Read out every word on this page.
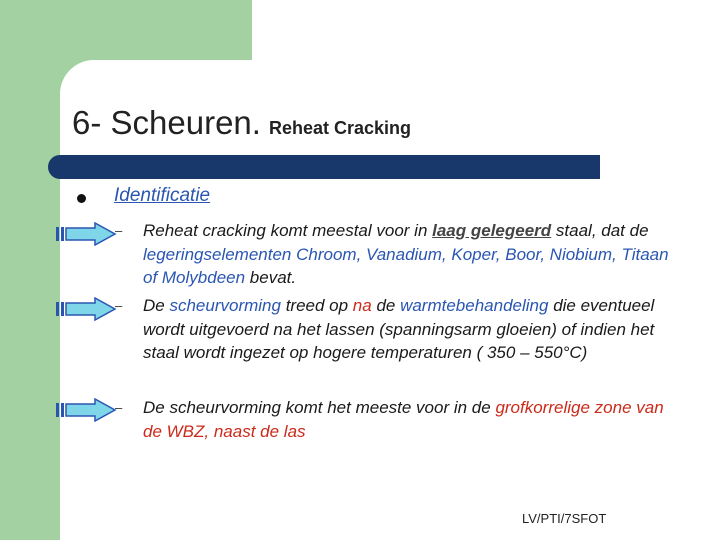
6- Scheuren. Reheat Cracking
Identificatie
– Reheat cracking komt meestal voor in laag gelegeerd staal, dat de legeringselementen Chroom, Vanadium, Koper, Boor, Niobium, Titaan of Molybdeen bevat.
– De scheurvorming treed op na de warmtebehandeling die eventueel wordt uitgevoerd na het lassen (spanningsarm gloeien) of indien het staal wordt ingezet op hogere temperaturen ( 350 – 550°C)
– De scheurvorming komt het meeste voor in de grofkorrelige zone van de WBZ, naast de las
LV/PTI/7SFOT
